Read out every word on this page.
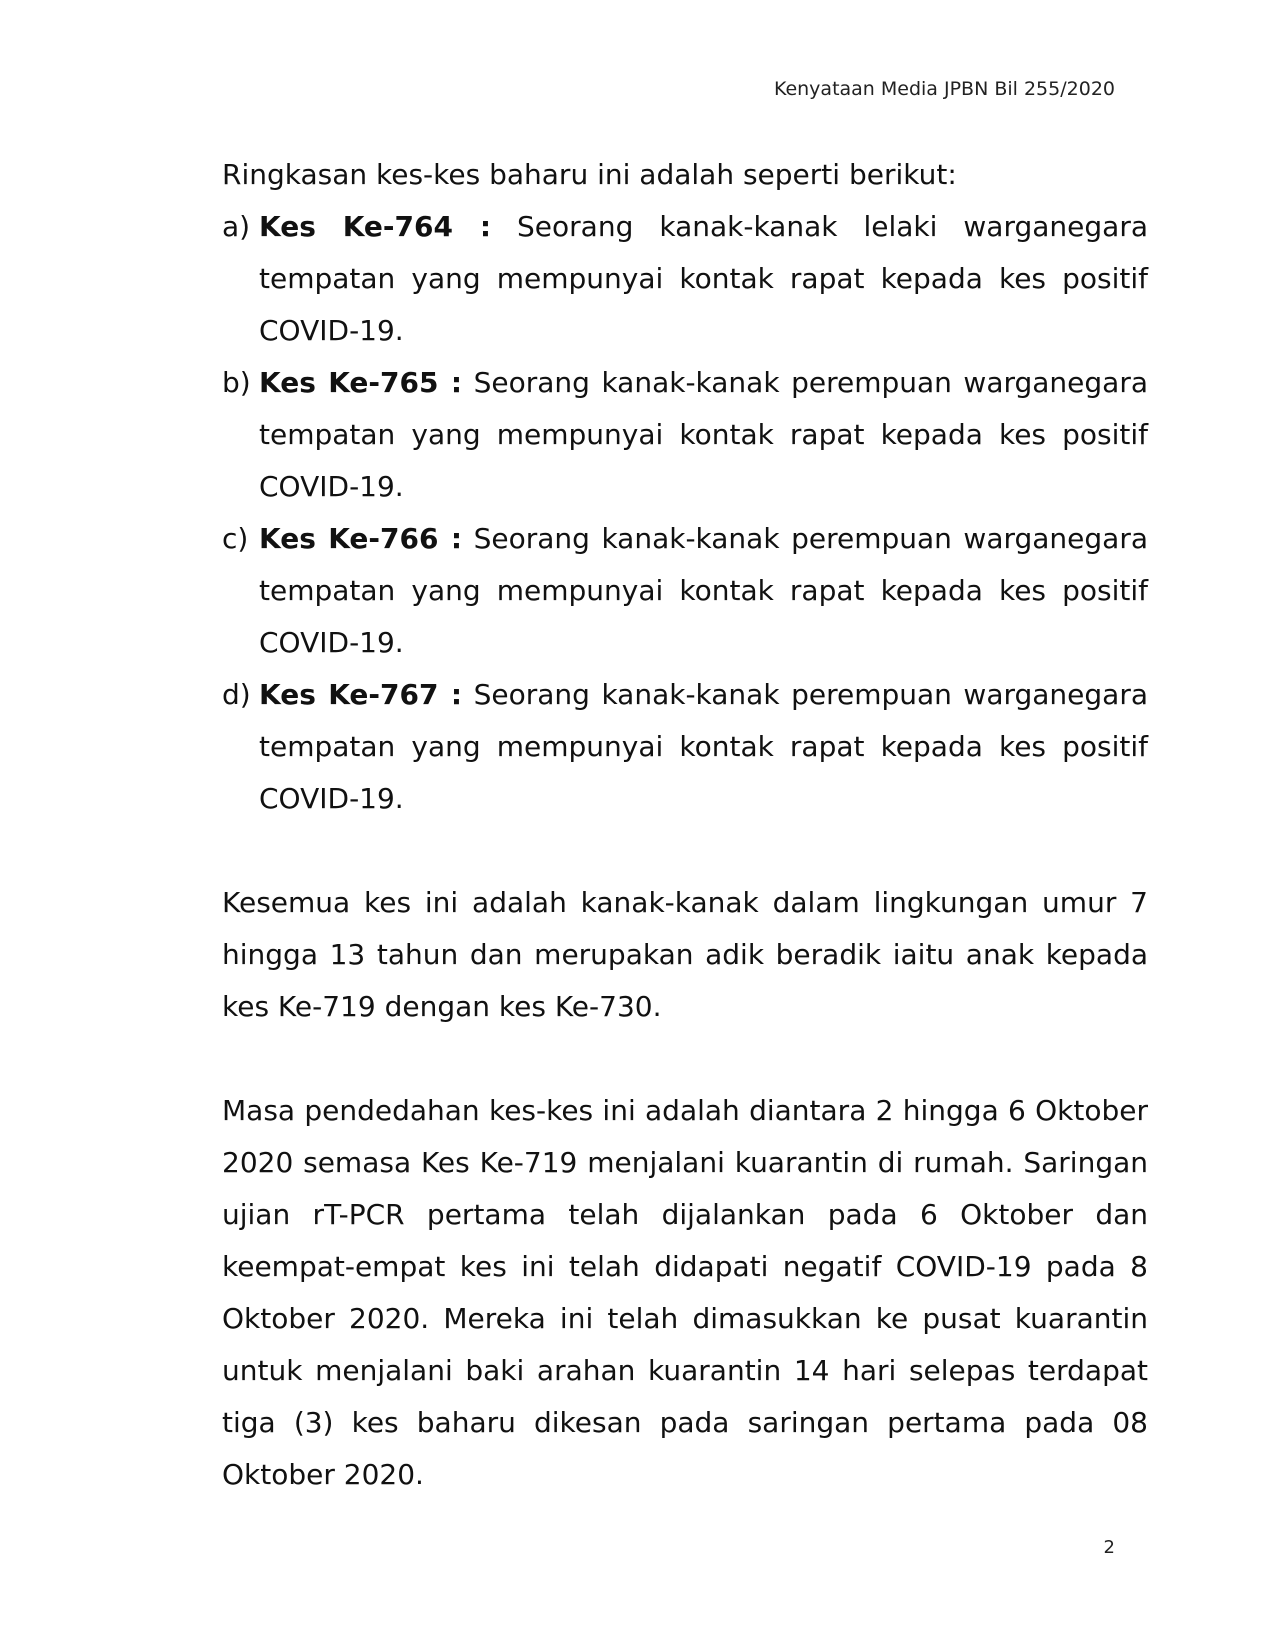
Kenyataan Media JPBN Bil 255/2020

Ringkasan kes-kes baharu ini adalah seperti berikut:

a) Kes Ke-764 : Seorang kanak-kanak lelaki warganegara tempatan yang mempunyai kontak rapat kepada kes positif COVID-19.
b) Kes Ke-765 : Seorang kanak-kanak perempuan warganegara tempatan yang mempunyai kontak rapat kepada kes positif COVID-19.
c) Kes Ke-766 : Seorang kanak-kanak perempuan warganegara tempatan yang mempunyai kontak rapat kepada kes positif COVID-19.
d) Kes Ke-767 : Seorang kanak-kanak perempuan warganegara tempatan yang mempunyai kontak rapat kepada kes positif COVID-19.

Kesemua kes ini adalah kanak-kanak dalam lingkungan umur 7 hingga 13 tahun dan merupakan adik beradik iaitu anak kepada kes Ke-719 dengan kes Ke-730.

Masa pendedahan kes-kes ini adalah diantara 2 hingga 6 Oktober 2020 semasa Kes Ke-719 menjalani kuarantin di rumah. Saringan ujian rT-PCR pertama telah dijalankan pada 6 Oktober dan keempat-empat kes ini telah didapati negatif COVID-19 pada 8 Oktober 2020. Mereka ini telah dimasukkan ke pusat kuarantin untuk menjalani baki arahan kuarantin 14 hari selepas terdapat tiga (3) kes baharu dikesan pada saringan pertama pada 08 Oktober 2020.

2
